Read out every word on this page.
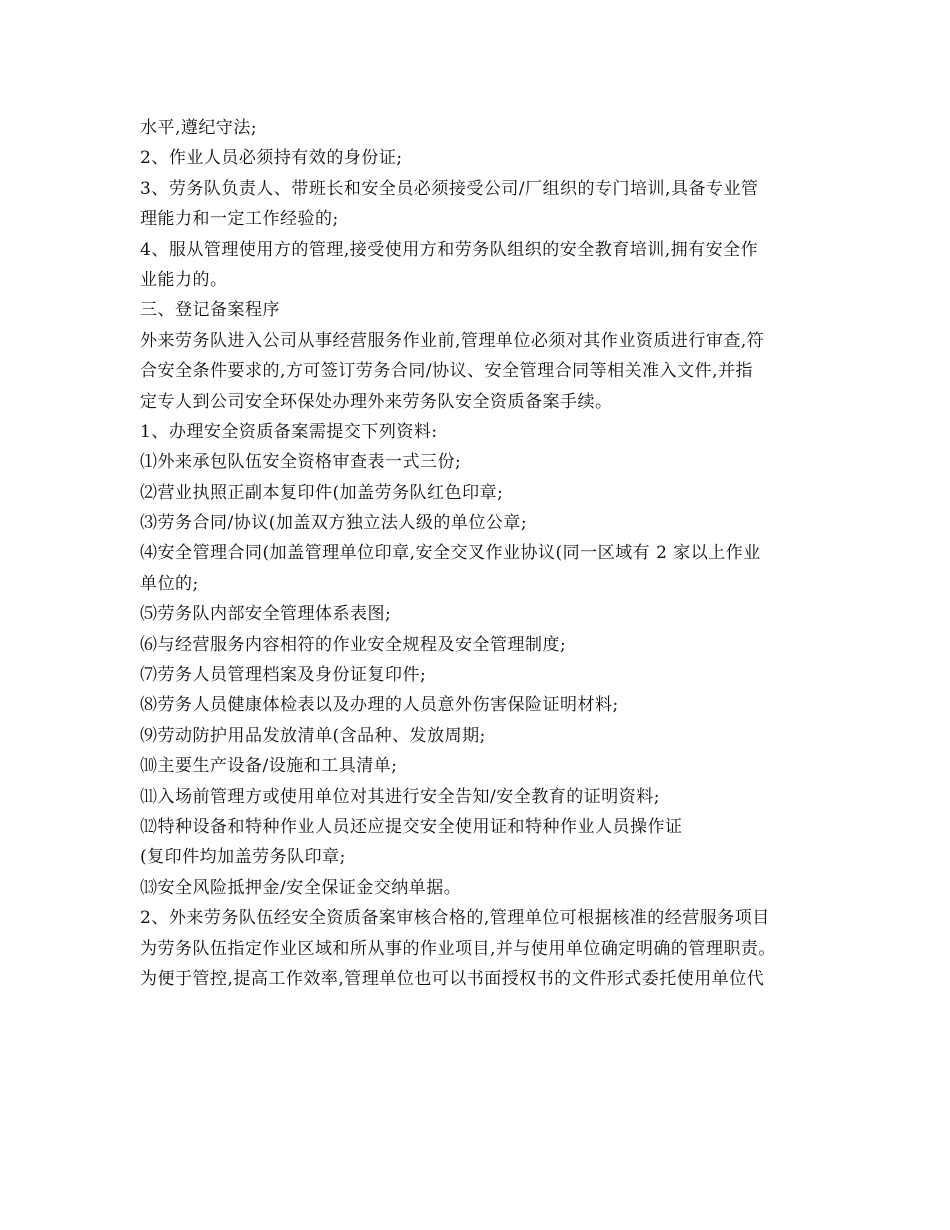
水平,遵纪守法;
2、作业人员必须持有效的身份证;
3、劳务队负责人、带班长和安全员必须接受公司/厂组织的专门培训,具备专业管
理能力和一定工作经验的;
4、服从管理使用方的管理,接受使用方和劳务队组织的安全教育培训,拥有安全作
业能力的。
三、登记备案程序
外来劳务队进入公司从事经营服务作业前,管理单位必须对其作业资质进行审查,符
合安全条件要求的,方可签订劳务合同/协议、安全管理合同等相关准入文件,并指
定专人到公司安全环保处办理外来劳务队安全资质备案手续。
1、办理安全资质备案需提交下列资料:
⑴外来承包队伍安全资格审查表一式三份;
⑵营业执照正副本复印件(加盖劳务队红色印章;
⑶劳务合同/协议(加盖双方独立法人级的单位公章;
⑷安全管理合同(加盖管理单位印章,安全交叉作业协议(同一区域有 2 家以上作业
单位的;
⑸劳务队内部安全管理体系表图;
⑹与经营服务内容相符的作业安全规程及安全管理制度;
⑺劳务人员管理档案及身份证复印件;
⑻劳务人员健康体检表以及办理的人员意外伤害保险证明材料;
⑼劳动防护用品发放清单(含品种、发放周期;
⑽主要生产设备/设施和工具清单;
⑾入场前管理方或使用单位对其进行安全告知/安全教育的证明资料;
⑿特种设备和特种作业人员还应提交安全使用证和特种作业人员操作证
(复印件均加盖劳务队印章;
⒀安全风险抵押金/安全保证金交纳单据。
2、外来劳务队伍经安全资质备案审核合格的,管理单位可根据核准的经营服务项目
为劳务队伍指定作业区域和所从事的作业项目,并与使用单位确定明确的管理职责。
为便于管控,提高工作效率,管理单位也可以书面授权书的文件形式委托使用单位代
